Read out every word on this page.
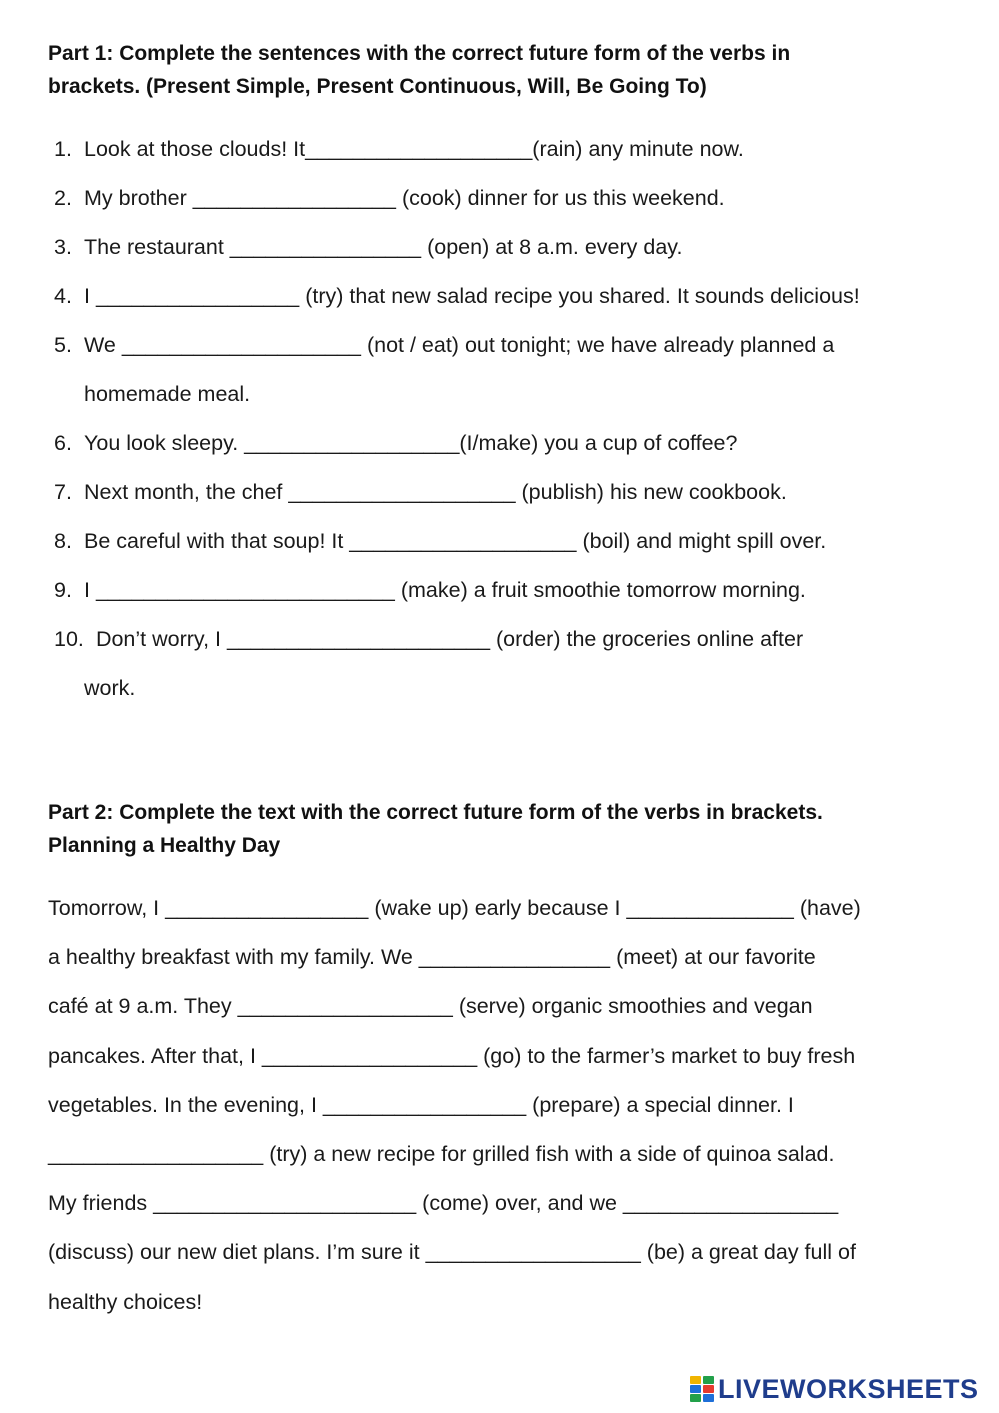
Part 1: Complete the sentences with the correct future form of the verbs in
brackets. (Present Simple, Present Continuous, Will, Be Going To)
1. Look at those clouds! It___________________(rain) any minute now.
2. My brother _________________ (cook) dinner for us this weekend.
3. The restaurant ________________ (open) at 8 a.m. every day.
4. I _________________ (try) that new salad recipe you shared. It sounds delicious!
5. We ____________________ (not / eat) out tonight; we have already planned a
homemade meal.
6. You look sleepy. __________________(I/make) you a cup of coffee?
7. Next month, the chef ___________________ (publish) his new cookbook.
8. Be careful with that soup! It ___________________ (boil) and might spill over.
9. I _________________________ (make) a fruit smoothie tomorrow morning.
10. Don’t worry, I ______________________ (order) the groceries online after
work.
Part 2: Complete the text with the correct future form of the verbs in brackets.
Planning a Healthy Day
Tomorrow, I _________________ (wake up) early because I ______________ (have)
a healthy breakfast with my family. We ________________ (meet) at our favorite
café at 9 a.m. They __________________ (serve) organic smoothies and vegan
pancakes. After that, I __________________ (go) to the farmer’s market to buy fresh
vegetables. In the evening, I _________________ (prepare) a special dinner. I
__________________ (try) a new recipe for grilled fish with a side of quinoa salad.
My friends ______________________ (come) over, and we __________________
(discuss) our new diet plans. I’m sure it __________________ (be) a great day full of
healthy choices!
LIVEWORKSHEETS
